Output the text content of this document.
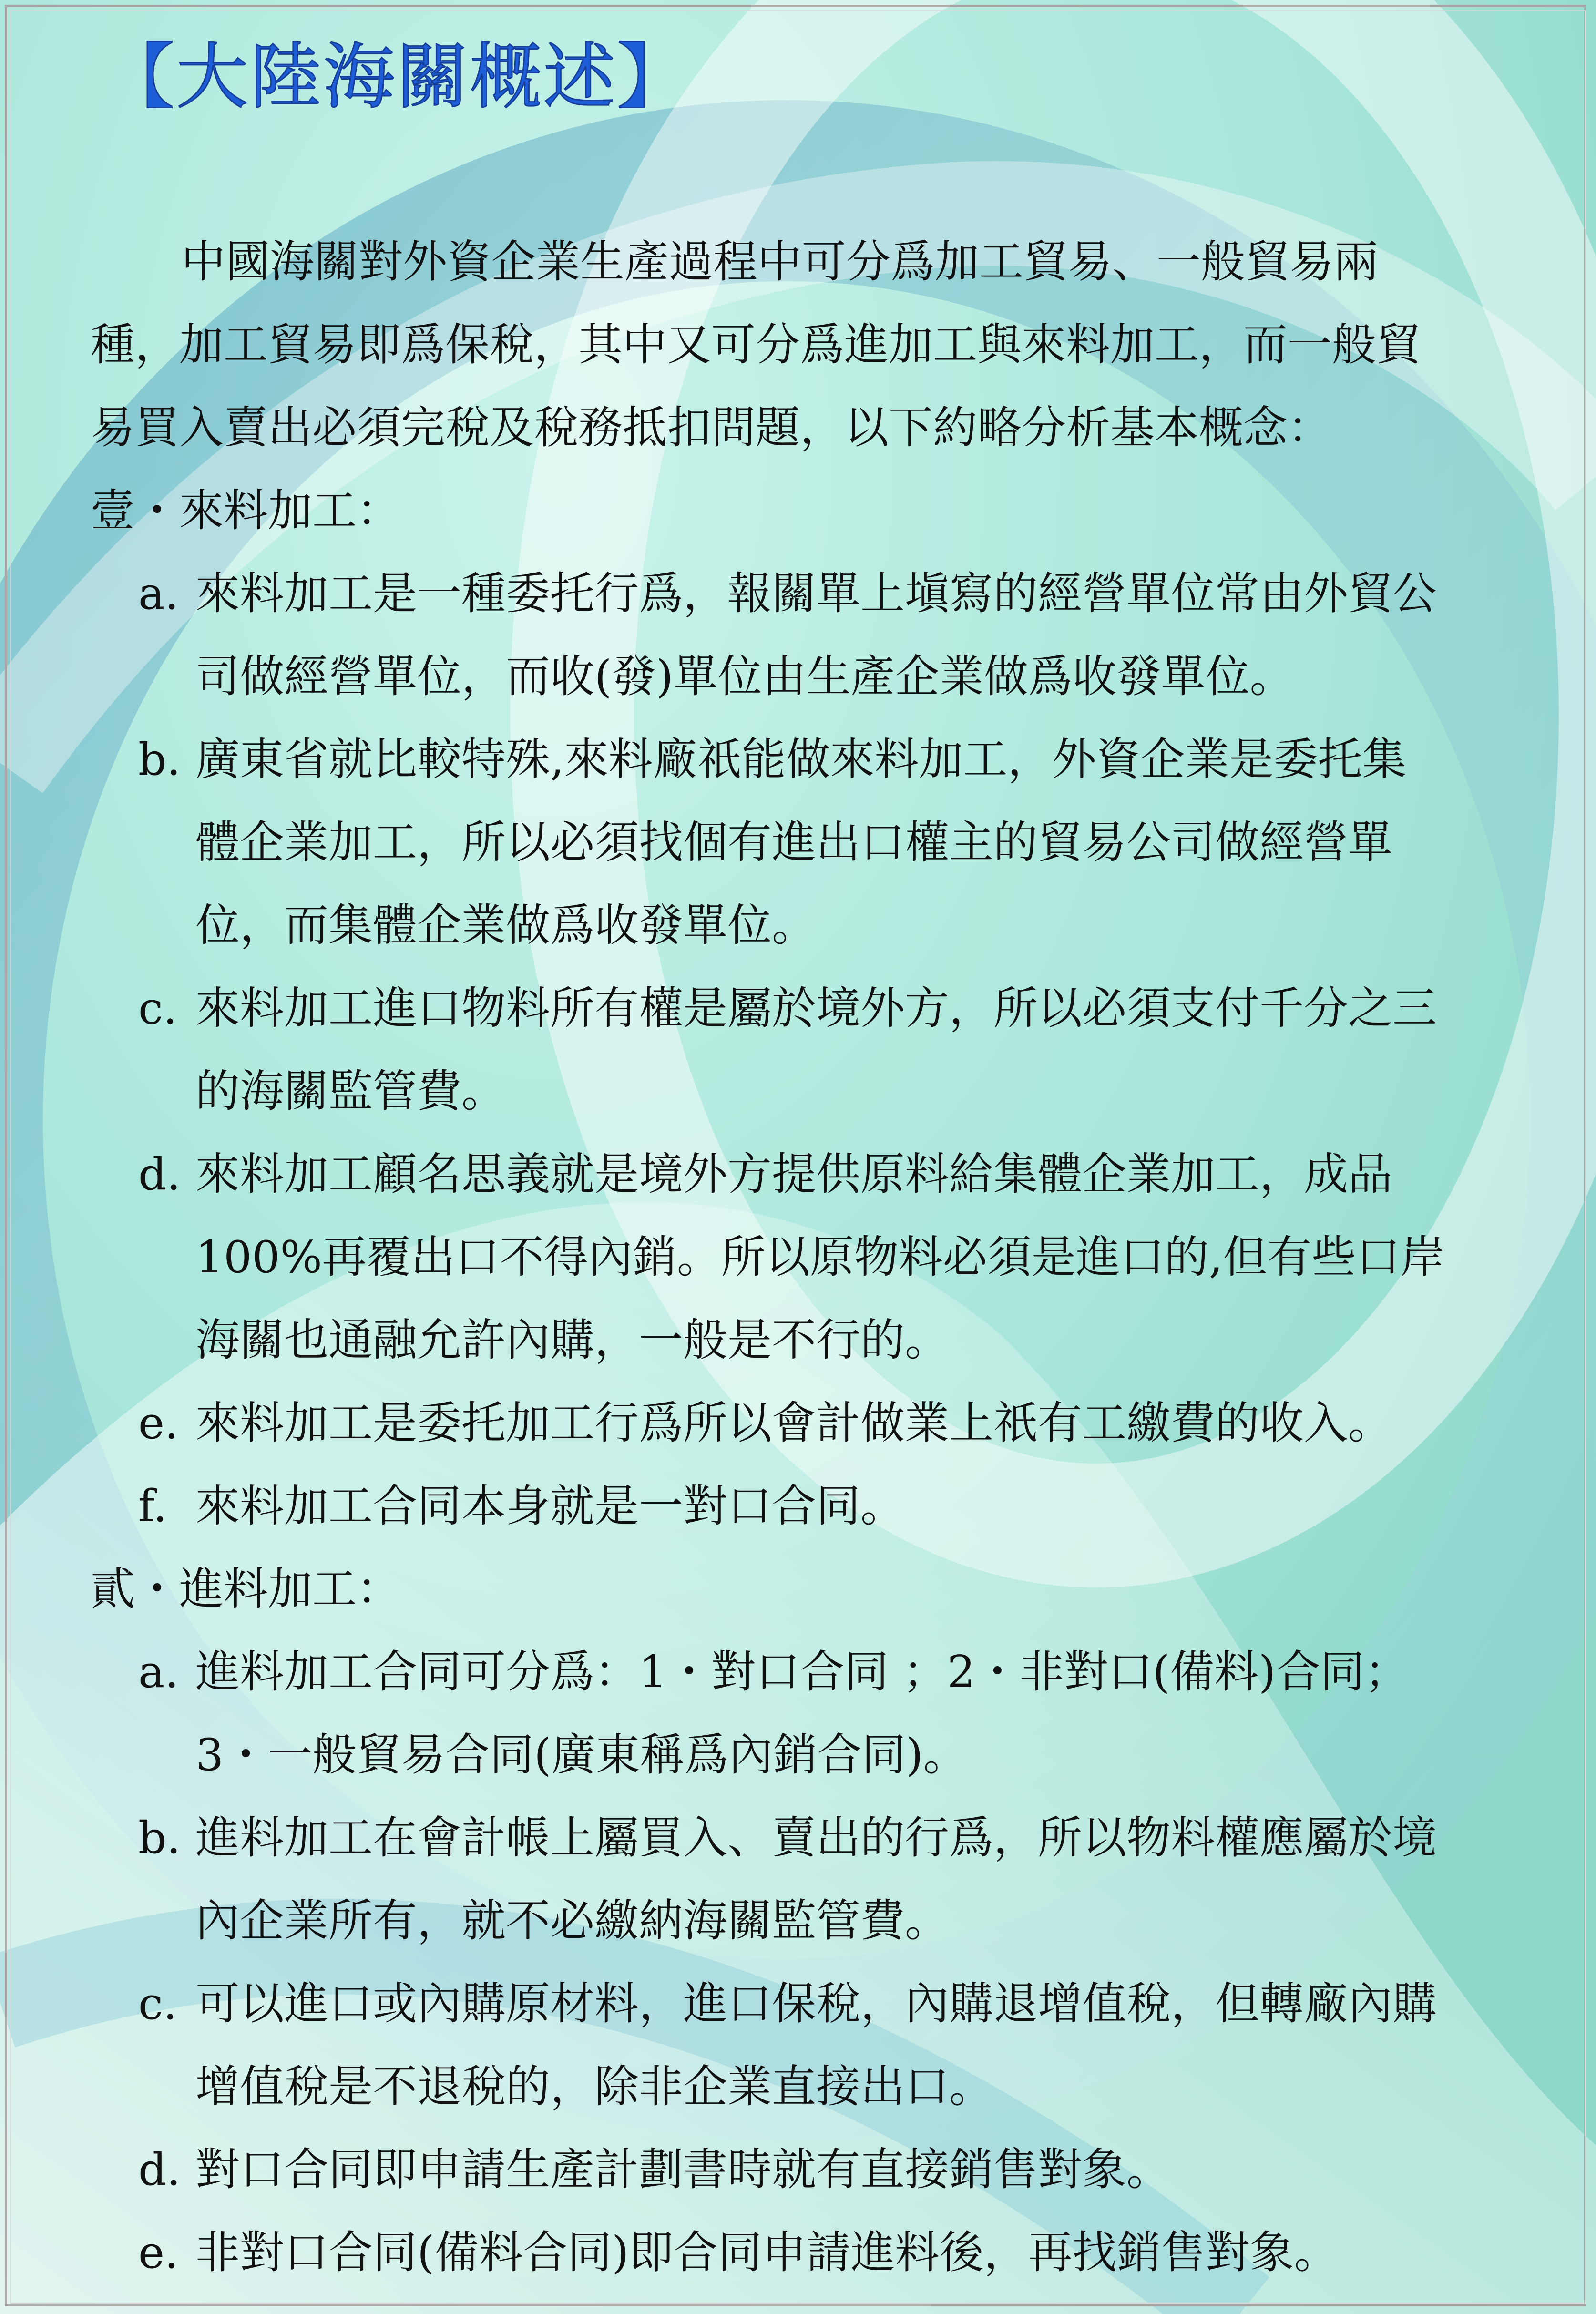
【大陸海關概述】
中國海關對外資企業生產過程中可分爲加工貿易、一般貿易兩
種，加工貿易即爲保稅，其中又可分爲進加工與來料加工，而一般貿
易買入賣出必須完稅及稅務抵扣問題，以下約略分析基本概念：
壹・來料加工：
a. 來料加工是一種委托行爲，報關單上塡寫的經營單位常由外貿公
司做經營單位，而收(發)單位由生產企業做爲收發單位。
b. 廣東省就比較特殊,來料廠祇能做來料加工，外資企業是委托集
體企業加工，所以必須找個有進出口權主的貿易公司做經營單
位，而集體企業做爲收發單位。
c. 來料加工進口物料所有權是屬於境外方，所以必須支付千分之三
的海關監管費。
d. 來料加工顧名思義就是境外方提供原料給集體企業加工，成品
100%再覆出口不得內銷。所以原物料必須是進口的,但有些口岸
海關也通融允許內購，一般是不行的。
e. 來料加工是委托加工行爲所以會計做業上祇有工繳費的收入。
f. 來料加工合同本身就是一對口合同。
貳・進料加工：
a. 進料加工合同可分爲：1・對口合同 ；2・非對口(備料)合同；
3・一般貿易合同(廣東稱爲內銷合同)。
b. 進料加工在會計帳上屬買入、賣出的行爲，所以物料權應屬於境
內企業所有，就不必繳納海關監管費。
c. 可以進口或內購原材料，進口保稅，內購退增值稅，但轉廠內購
增值稅是不退稅的，除非企業直接出口。
d. 對口合同即申請生產計劃書時就有直接銷售對象。
e. 非對口合同(備料合同)即合同申請進料後，再找銷售對象。
